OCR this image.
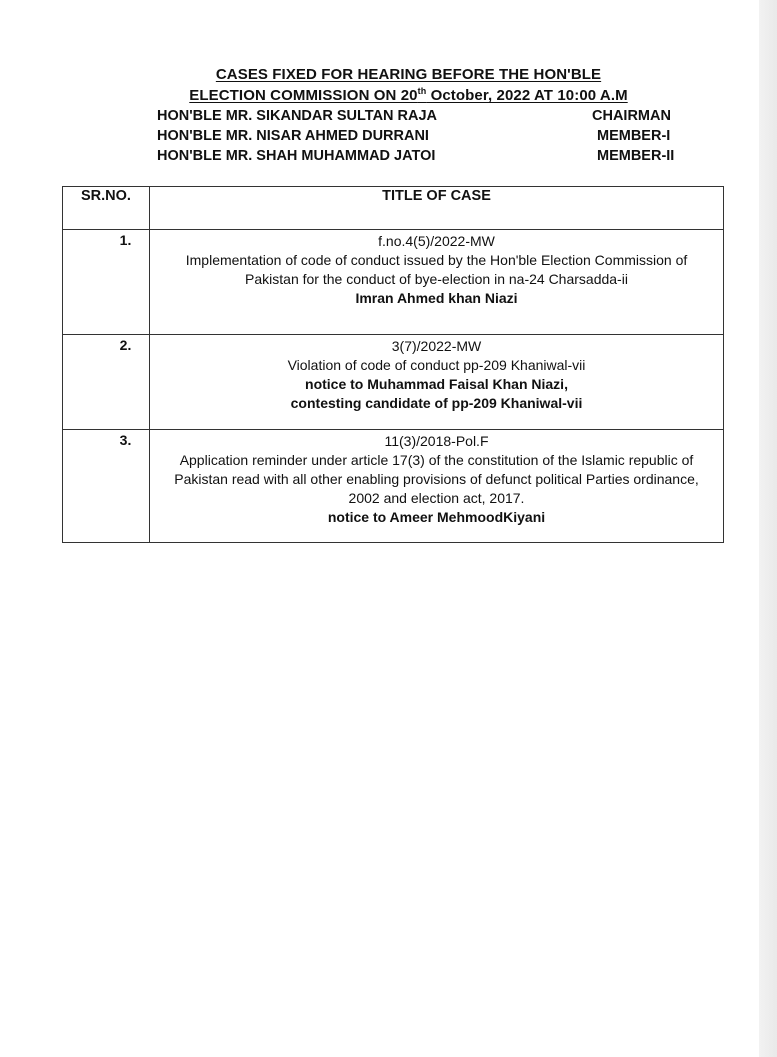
CASES FIXED FOR HEARING BEFORE THE HON'BLE
ELECTION COMMISSION ON 20th October, 2022 AT 10:00 A.M
HON'BLE MR. SIKANDAR SULTAN RAJA	CHAIRMAN
HON'BLE MR. NISAR AHMED DURRANI	MEMBER-I
HON'BLE MR. SHAH MUHAMMAD JATOI	MEMBER-II
SR.NO.	TITLE OF CASE
1.	f.no.4(5)/2022-MW
Implementation of code of conduct issued by the Hon'ble Election Commission of Pakistan for the conduct of bye-election in na-24 Charsadda-ii
Imran Ahmed khan Niazi

2.	3(7)/2022-MW
Violation of code of conduct pp-209 Khaniwal-vii
notice to Muhammad Faisal Khan Niazi,
contesting candidate of pp-209 Khaniwal-vii

3.	11(3)/2018-Pol.F
Application reminder under article 17(3) of the constitution of the Islamic republic of Pakistan read with all other enabling provisions of defunct political Parties ordinance, 2002 and election act, 2017.
notice to Ameer MehmoodKiyani
